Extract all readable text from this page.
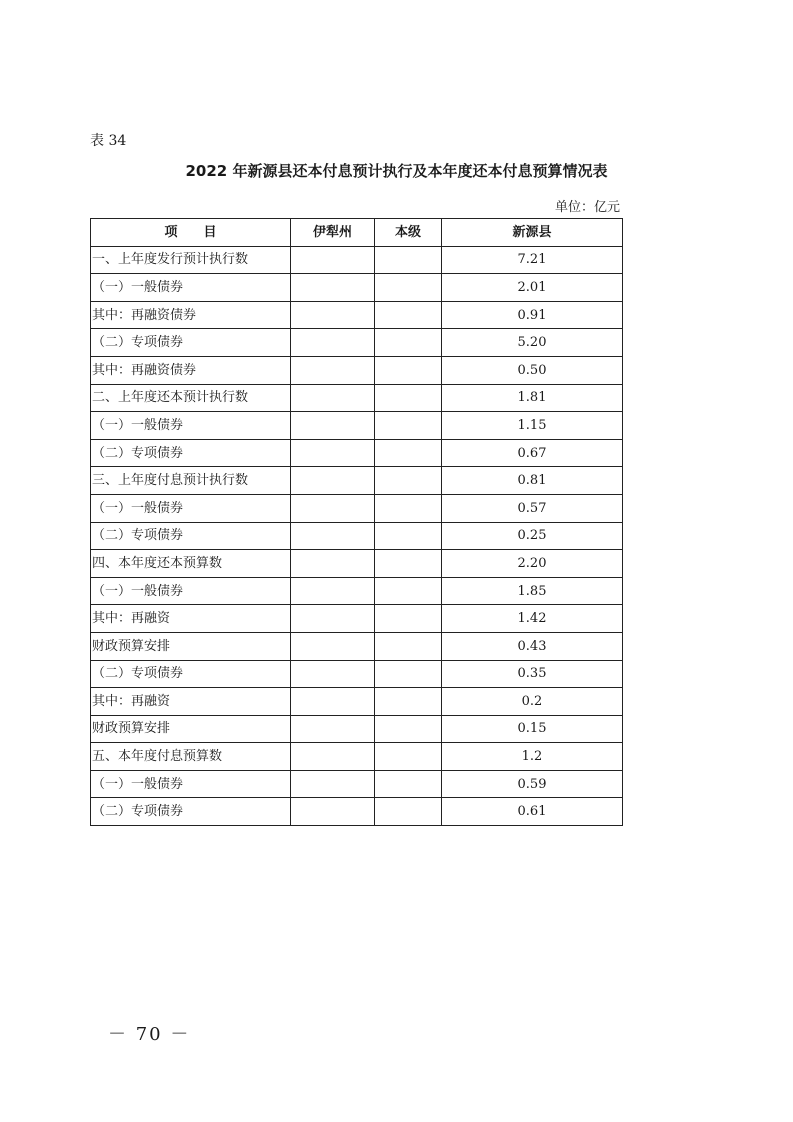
表 34
2022 年新源县还本付息预计执行及本年度还本付息预算情况表
单位：亿元
项　　目	伊犁州	本级	新源县
一、上年度发行预计执行数			7.21
（一）一般债券			2.01
其中：再融资债券			0.91
（二）专项债券			5.20
其中：再融资债券			0.50
二、上年度还本预计执行数			1.81
（一）一般债券			1.15
（二）专项债券			0.67
三、上年度付息预计执行数			0.81
（一）一般债券			0.57
（二）专项债券			0.25
四、本年度还本预算数			2.20
（一）一般债券			1.85
其中：再融资			1.42
财政预算安排			0.43
（二）专项债券			0.35
其中：再融资			0.2
财政预算安排			0.15
五、本年度付息预算数			1.2
（一）一般债券			0.59
（二）专项债券			0.61
－ 70 －
